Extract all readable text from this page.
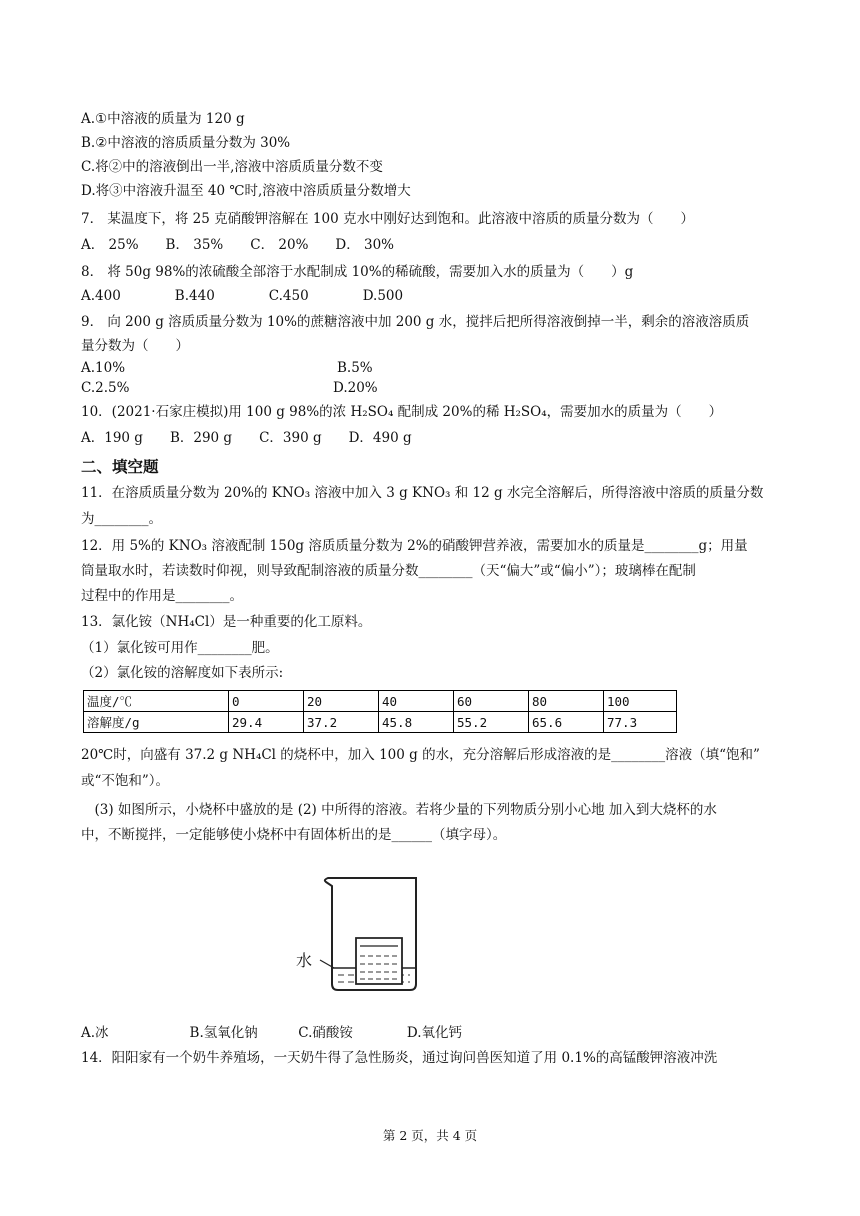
A.①中溶液的质量为 120 g
B.②中溶液的溶质质量分数为 30%
C.将②中的溶液倒出一半,溶液中溶质质量分数不变
D.将③中溶液升温至 40 ℃时,溶液中溶质质量分数增大
7． 某温度下，将 25 克硝酸钾溶解在 100 克水中刚好达到饱和。此溶液中溶质的质量分数为（　　）
A． 25%　　B． 35%　　C． 20%　　D． 30%
8． 将 50g 98%的浓硫酸全部溶于水配制成 10%的稀硫酸，需要加入水的质量为（　　）g
A.400　　　　B.440　　　　C.450　　　　D.500
9． 向 200 g 溶质质量分数为 10%的蔗糖溶液中加 200 g 水，搅拌后把所得溶液倒掉一半，剩余的溶液溶质质
量分数为（　　）
A.10%	B.5%
C.2.5%	D.20%
10．(2021·石家庄模拟)用 100 g 98%的浓 H₂SO₄ 配制成 20%的稀 H₂SO₄，需要加水的质量为（　　）
A．190 g　　B．290 g　　C．390 g　　D．490 g
二、填空题
11．在溶质质量分数为 20%的 KNO₃ 溶液中加入 3 g KNO₃ 和 12 g 水完全溶解后，所得溶液中溶质的质量分数
为________。
12．用 5%的 KNO₃ 溶液配制 150g 溶质质量分数为 2%的硝酸钾营养液，需要加水的质量是________g；用量
筒量取水时，若读数时仰视，则导致配制溶液的质量分数________（天“偏大”或“偏小”）；玻璃棒在配制
过程中的作用是________。
13．氯化铵（NH₄Cl）是一种重要的化工原料。
（1）氯化铵可用作________肥。
（2）氯化铵的溶解度如下表所示:
温度/℃	0	20	40	60	80	100
溶解度/g	29.4	37.2	45.8	55.2	65.6	77.3
20℃时，向盛有 37.2 g NH₄Cl 的烧杯中，加入 100 g 的水，充分溶解后形成溶液的是________溶液（填“饱和”
或“不饱和”）。
　(3) 如图所示，小烧杯中盛放的是 (2) 中所得的溶液。若将少量的下列物质分别小心地 加入到大烧杯的水
中，不断搅拌，一定能够使小烧杯中有固体析出的是______（填字母）。
水
A.冰　　　　　　B.氢氧化钠　　　C.硝酸铵　　　　D.氧化钙
14．阳阳家有一个奶牛养殖场，一天奶牛得了急性肠炎，通过询问兽医知道了用 0.1%的高锰酸钾溶液冲洗
第 2 页，共 4 页
